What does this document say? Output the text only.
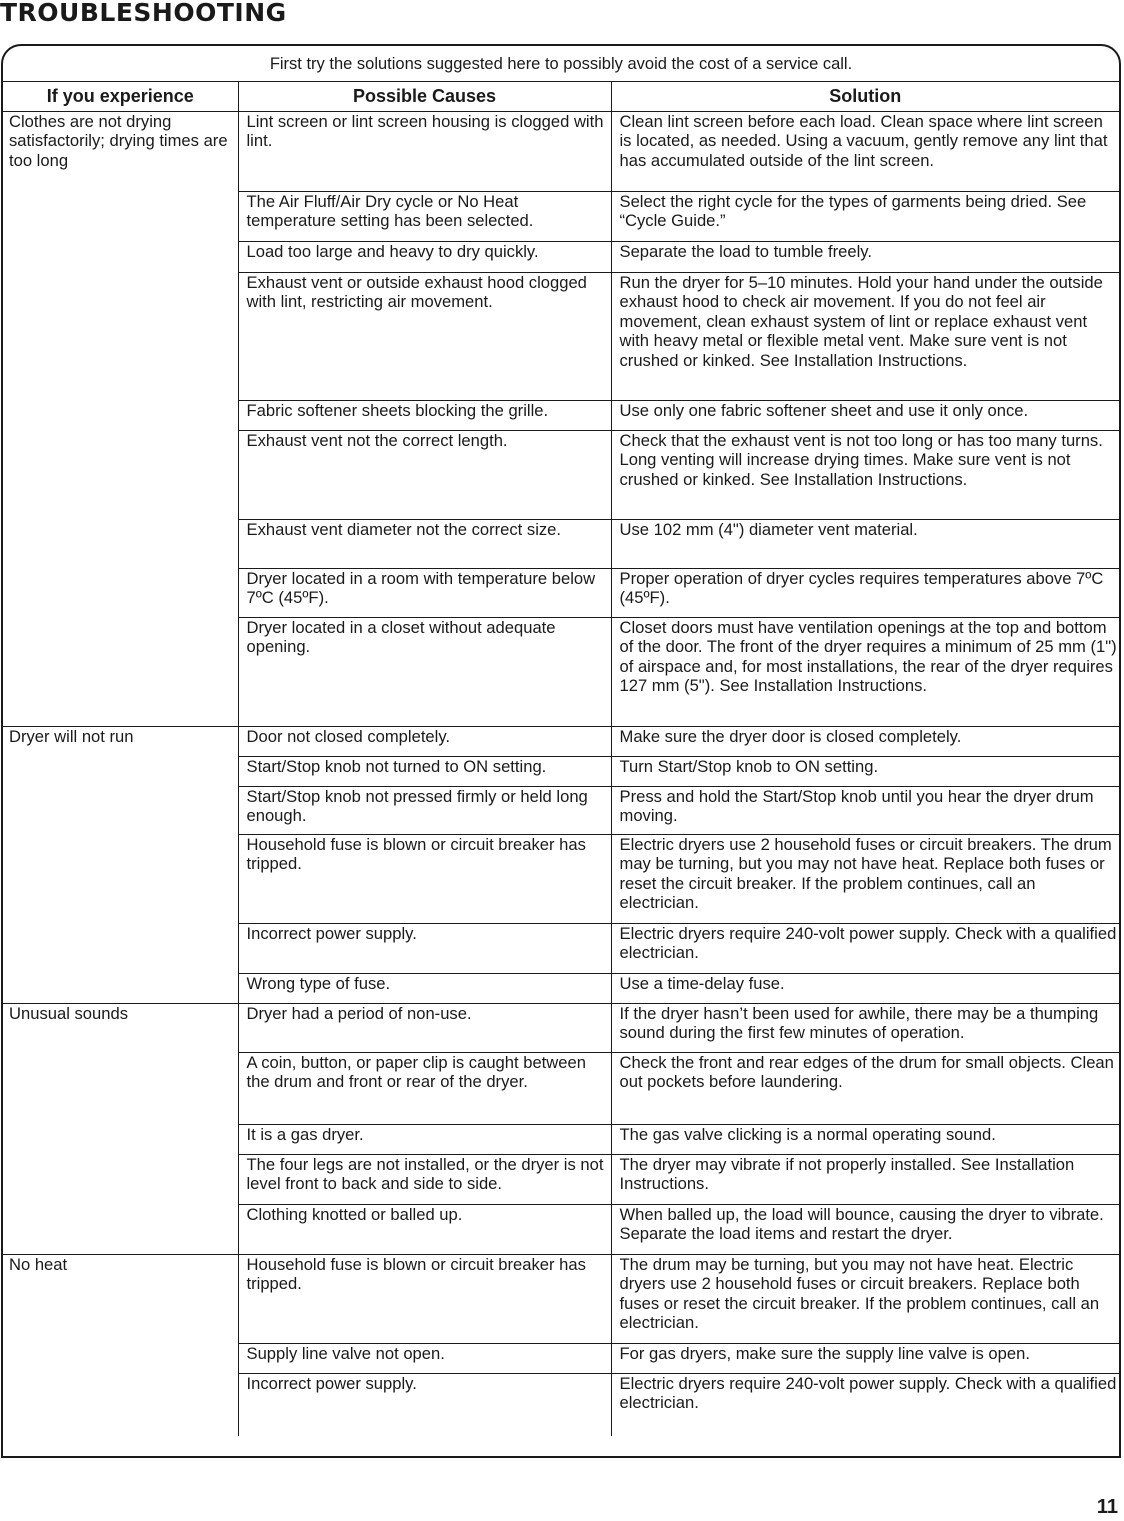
TROUBLESHOOTING
First try the solutions suggested here to possibly avoid the cost of a service call.
If you experience	Possible Causes	Solution
Clothes are not drying satisfactorily; drying times are too long	Lint screen or lint screen housing is clogged with lint.	Clean lint screen before each load. Clean space where lint screen is located, as needed. Using a vacuum, gently remove any lint that has accumulated outside of the lint screen.
	The Air Fluff/Air Dry cycle or No Heat temperature setting has been selected.	Select the right cycle for the types of garments being dried. See “Cycle Guide.”
	Load too large and heavy to dry quickly.	Separate the load to tumble freely.
	Exhaust vent or outside exhaust hood clogged with lint, restricting air movement.	Run the dryer for 5–10 minutes. Hold your hand under the outside exhaust hood to check air movement. If you do not feel air movement, clean exhaust system of lint or replace exhaust vent with heavy metal or flexible metal vent. Make sure vent is not crushed or kinked. See Installation Instructions.
	Fabric softener sheets blocking the grille.	Use only one fabric softener sheet and use it only once.
	Exhaust vent not the correct length.	Check that the exhaust vent is not too long or has too many turns. Long venting will increase drying times. Make sure vent is not crushed or kinked. See Installation Instructions.
	Exhaust vent diameter not the correct size.	Use 102 mm (4") diameter vent material.
	Dryer located in a room with temperature below 7ºC (45ºF).	Proper operation of dryer cycles requires temperatures above 7ºC (45ºF).
	Dryer located in a closet without adequate opening.	Closet doors must have ventilation openings at the top and bottom of the door. The front of the dryer requires a minimum of 25 mm (1") of airspace and, for most installations, the rear of the dryer requires 127 mm (5"). See Installation Instructions.
Dryer will not run	Door not closed completely.	Make sure the dryer door is closed completely.
	Start/Stop knob not turned to ON setting.	Turn Start/Stop knob to ON setting.
	Start/Stop knob not pressed firmly or held long enough.	Press and hold the Start/Stop knob until you hear the dryer drum moving.
	Household fuse is blown or circuit breaker has tripped.	Electric dryers use 2 household fuses or circuit breakers. The drum may be turning, but you may not have heat. Replace both fuses or reset the circuit breaker. If the problem continues, call an electrician.
	Incorrect power supply.	Electric dryers require 240-volt power supply. Check with a qualified electrician.
	Wrong type of fuse.	Use a time-delay fuse.
Unusual sounds	Dryer had a period of non-use.	If the dryer hasn’t been used for awhile, there may be a thumping sound during the first few minutes of operation.
	A coin, button, or paper clip is caught between the drum and front or rear of the dryer.	Check the front and rear edges of the drum for small objects. Clean out pockets before laundering.
	It is a gas dryer.	The gas valve clicking is a normal operating sound.
	The four legs are not installed, or the dryer is not level front to back and side to side.	The dryer may vibrate if not properly installed. See Installation Instructions.
	Clothing knotted or balled up.	When balled up, the load will bounce, causing the dryer to vibrate. Separate the load items and restart the dryer.
No heat	Household fuse is blown or circuit breaker has tripped.	The drum may be turning, but you may not have heat. Electric dryers use 2 household fuses or circuit breakers. Replace both fuses or reset the circuit breaker. If the problem continues, call an electrician.
	Supply line valve not open.	For gas dryers, make sure the supply line valve is open.
	Incorrect power supply.	Electric dryers require 240-volt power supply. Check with a qualified electrician.
11
